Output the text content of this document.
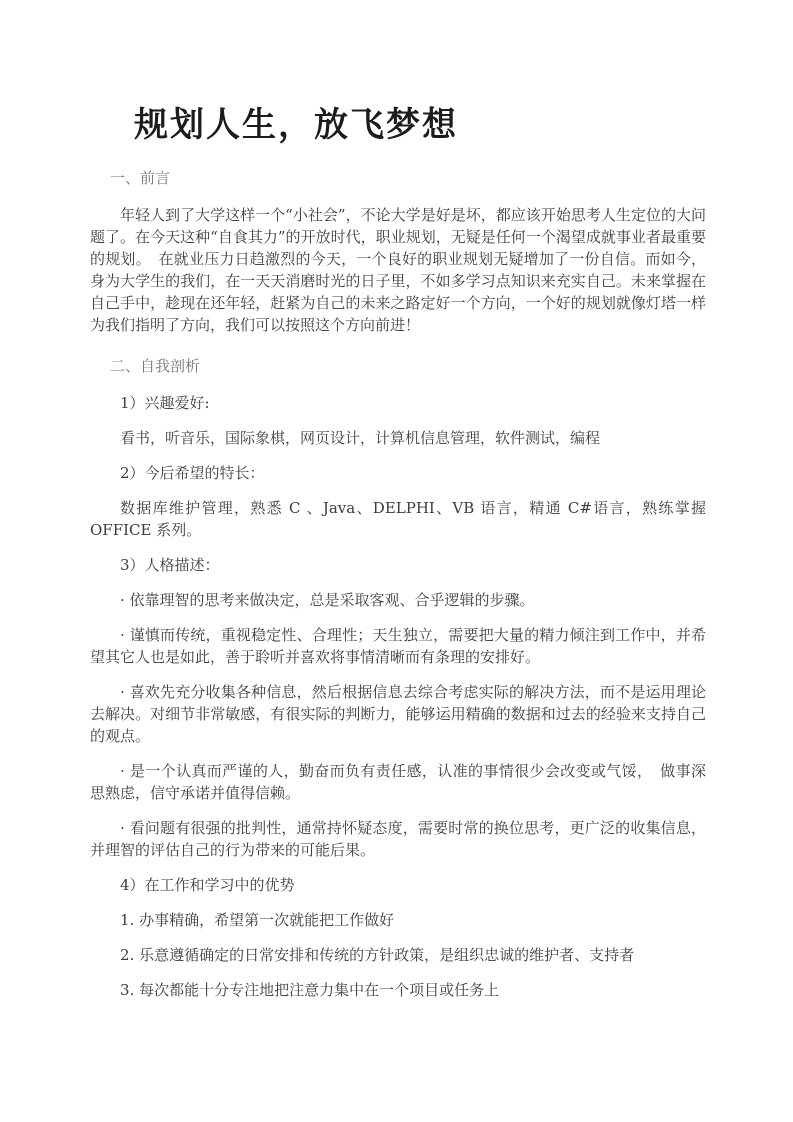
规划人生，放飞梦想
一、前言

年轻人到了大学这样一个“小社会”，不论大学是好是坏，都应该开始思考人生定位的大问题了。在今天这种“自食其力”的开放时代，职业规划，无疑是任何一个渴望成就事业者最重要的规划。　在就业压力日趋激烈的今天，一个良好的职业规划无疑增加了一份自信。而如今，身为大学生的我们，在一天天消磨时光的日子里，不如多学习点知识来充实自己。未来掌握在自己手中，趁现在还年轻，赶紧为自己的未来之路定好一个方向，一个好的规划就像灯塔一样为我们指明了方向，我们可以按照这个方向前进！

二、自我剖析

1）兴趣爱好:

看书，听音乐，国际象棋，网页设计，计算机信息管理，软件测试，编程

2）今后希望的特长：

数据库维护管理，熟悉 C 、Java、DELPHI、VB 语言，精通 C#语言，熟练掌握 OFFICE 系列。

3）人格描述：

· 依靠理智的思考来做决定，总是采取客观、合乎逻辑的步骤。

· 谨慎而传统，重视稳定性、合理性；天生独立，需要把大量的精力倾注到工作中，并希望其它人也是如此，善于聆听并喜欢将事情清晰而有条理的安排好。

· 喜欢先充分收集各种信息，然后根据信息去综合考虑实际的解决方法，而不是运用理论去解决。对细节非常敏感，有很实际的判断力，能够运用精确的数据和过去的经验来支持自己的观点。

· 是一个认真而严谨的人，勤奋而负有责任感，认准的事情很少会改变或气馁，　做事深思熟虑，信守承诺并值得信赖。

· 看问题有很强的批判性，通常持怀疑态度，需要时常的换位思考，更广泛的收集信息，并理智的评估自己的行为带来的可能后果。

4）在工作和学习中的优势

1. 办事精确，希望第一次就能把工作做好

2. 乐意遵循确定的日常安排和传统的方针政策，是组织忠诚的维护者、支持者

3. 每次都能十分专注地把注意力集中在一个项目或任务上
